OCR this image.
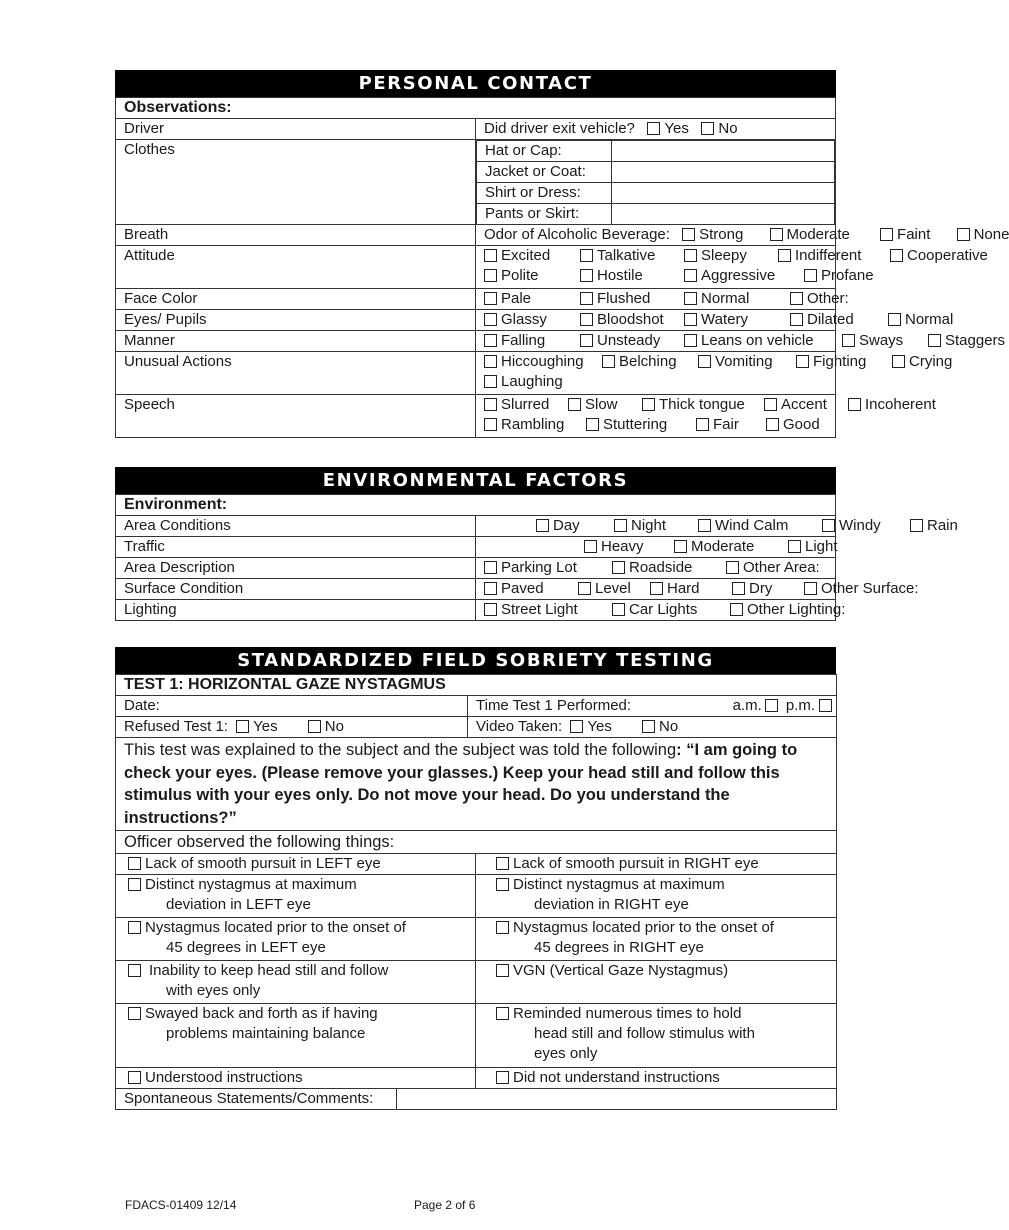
PERSONAL CONTACT
Observations:
Driver	Did driver exit vehicle? Yes No
Clothes		Hat or Cap:	
Jacket or Coat:	
Shirt or Dress:	
Pants or Skirt:	

Breath	Odor of Alcoholic Beverage: Strong	Moderate	Faint	None
Attitude	Excited	Talkative	Sleepy	Indifferent	Cooperative
Polite	Hostile	Aggressive	Profane

Face Color	Pale	Flushed	Normal	Other:
Eyes/ Pupils	Glassy	Bloodshot Watery	Dilated	Normal
Manner	Falling	Unsteady	Leans on vehicle	Sways	Staggers
Unusual Actions	Hiccoughing Belching	Vomiting	Fighting	Crying
Laughing

Speech	Slurred Slow	Thick tongue Accent	Incoherent
Rambling	Stuttering	Fair	Good
ENVIRONMENTAL FACTORS
Environment:	
Area Conditions	Day Night Wind Calm Windy Rain
Traffic	Heavy Moderate Light
Area Description	Parking Lot Roadside Other Area:
Surface Condition	Paved Level Hard Dry Other Surface:
Lighting	Street Light Car Lights Other Lighting:
STANDARDIZED FIELD SOBRIETY TESTING
TEST 1: HORIZONTAL GAZE NYSTAGMUS	
Date:	Time Test 1 Performed: a.m. p.m.

Refused Test 1: Yes No	Video Taken: Yes No
This test was explained to the subject and the subject was told the following: “I am going to check your eyes. (Please remove your glasses.) Keep your head still and follow this stimulus with your eyes only. Do not move your head. Do you understand the instructions?”	
Officer observed the following things:	
Lack of smooth pursuit in LEFT eye	Lack of smooth pursuit in RIGHT eye
Distinct nystagmus at maximum
deviation in LEFT eye	Distinct nystagmus at maximum
deviation in RIGHT eye

Nystagmus located prior to the onset of
45 degrees in LEFT eye	Nystagmus located prior to the onset of
45 degrees in RIGHT eye

Inability to keep head still and follow
with eyes only	VGN (Vertical Gaze Nystagmus)
Swayed back and forth as if having
problems maintaining balance	Reminded numerous times to hold
head still and follow stimulus with
eyes only

Understood instructions	Did not understand instructions
Spontaneous Statements/Comments:	
FDACS-01409 12/14	Page 2 of 6
